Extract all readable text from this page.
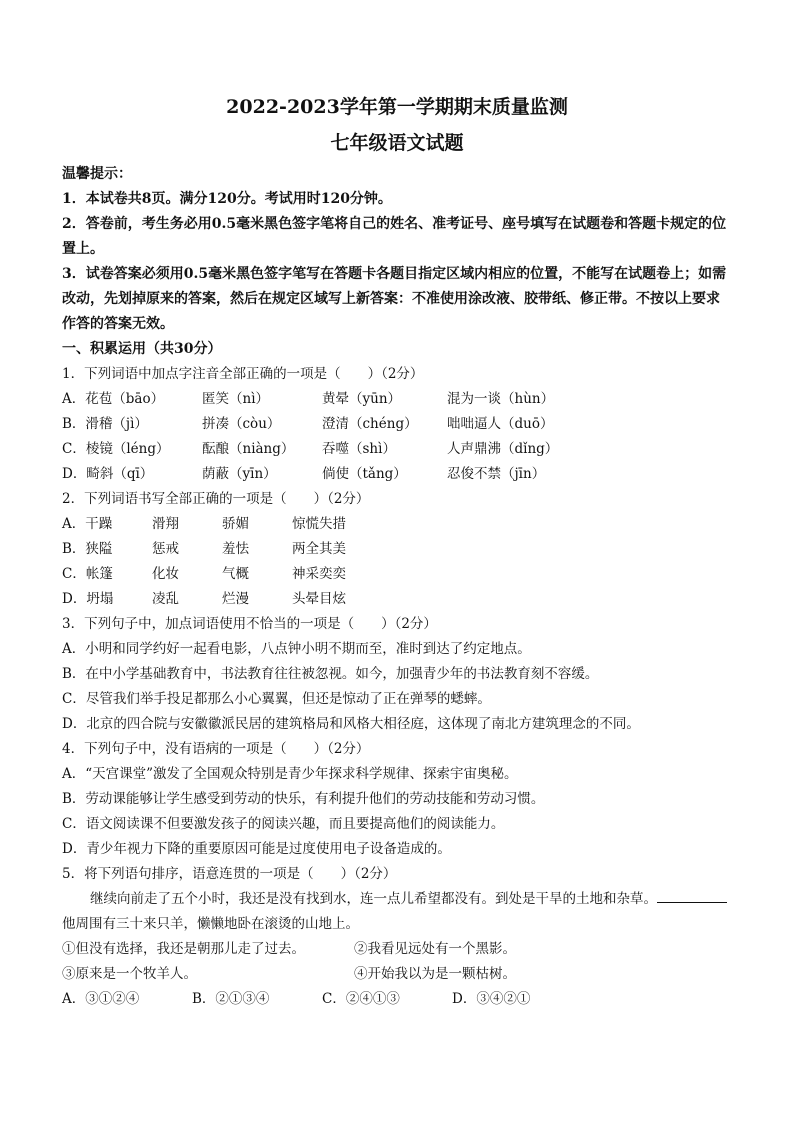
2022-2023学年第一学期期末质量监测
七年级语文试题
温馨提示：
1．本试卷共8页。满分120分。考试用时120分钟。
2．答卷前，考生务必用0.5毫米黑色签字笔将自己的姓名、准考证号、座号填写在试题卷和答题卡规定的位置上。
3．试卷答案必须用0.5毫米黑色签字笔写在答题卡各题目指定区域内相应的位置，不能写在试题卷上；如需改动，先划掉原来的答案，然后在规定区域写上新答案：不准使用涂改液、胶带纸、修正带。不按以上要求作答的答案无效。
一、积累运用（共30分）
1．下列词语中加点字注音全部正确的一项是（　　）（2分）
A．花苞（bāo）	匿笑（nì）	黄晕（yūn）	混为一谈（hùn）
B．滑稽（jì）	拼凑（còu）	澄清（chéng）	咄咄逼人（duō）
C．棱镜（léng）	酝酿（niàng）	吞噬（shì）	人声鼎沸（dǐng）
D．畸斜（qī）	荫蔽（yīn）	倘使（tǎng）	忍俊不禁（jīn）
2．下列词语书写全部正确的一项是（　　）（2分）
A．干躁	滑翔	骄媚	惊慌失措
B．狭隘	惩戒	羞怯	两全其美
C．帐篷	化妆	气概	神采奕奕
D．坍塌	凌乱	烂漫	头晕目炫
3．下列句子中，加点词语使用不恰当的一项是（　　）（2分）
A．小明和同学约好一起看电影，八点钟小明不期而至，准时到达了约定地点。
B．在中小学基础教育中，书法教育往往被忽视。如今，加强青少年的书法教育刻不容缓。
C．尽管我们举手投足都那么小心翼翼，但还是惊动了正在弹琴的蟋蟀。
D．北京的四合院与安徽徽派民居的建筑格局和风格大相径庭，这体现了南北方建筑理念的不同。
4．下列句子中，没有语病的一项是（　　）（2分）
A．“天宫课堂”激发了全国观众特别是青少年探求科学规律、探索宇宙奥秘。
B．劳动课能够让学生感受到劳动的快乐，有利提升他们的劳动技能和劳动习惯。
C．语文阅读课不但要激发孩子的阅读兴趣，而且要提高他们的阅读能力。
D．青少年视力下降的重要原因可能是过度使用电子设备造成的。
5．将下列语句排序，语意连贯的一项是（　　）（2分）
继续向前走了五个小时，我还是没有找到水，连一点儿希望都没有。到处是干旱的土地和杂草。
他周围有三十来只羊，懒懒地卧在滚烫的山地上。
①但没有选择，我还是朝那儿走了过去。	②我看见远处有一个黑影。
③原来是一个牧羊人。	④开始我以为是一颗枯树。
A．③①②④	B．②①③④	C．②④①③	D．③④②①
